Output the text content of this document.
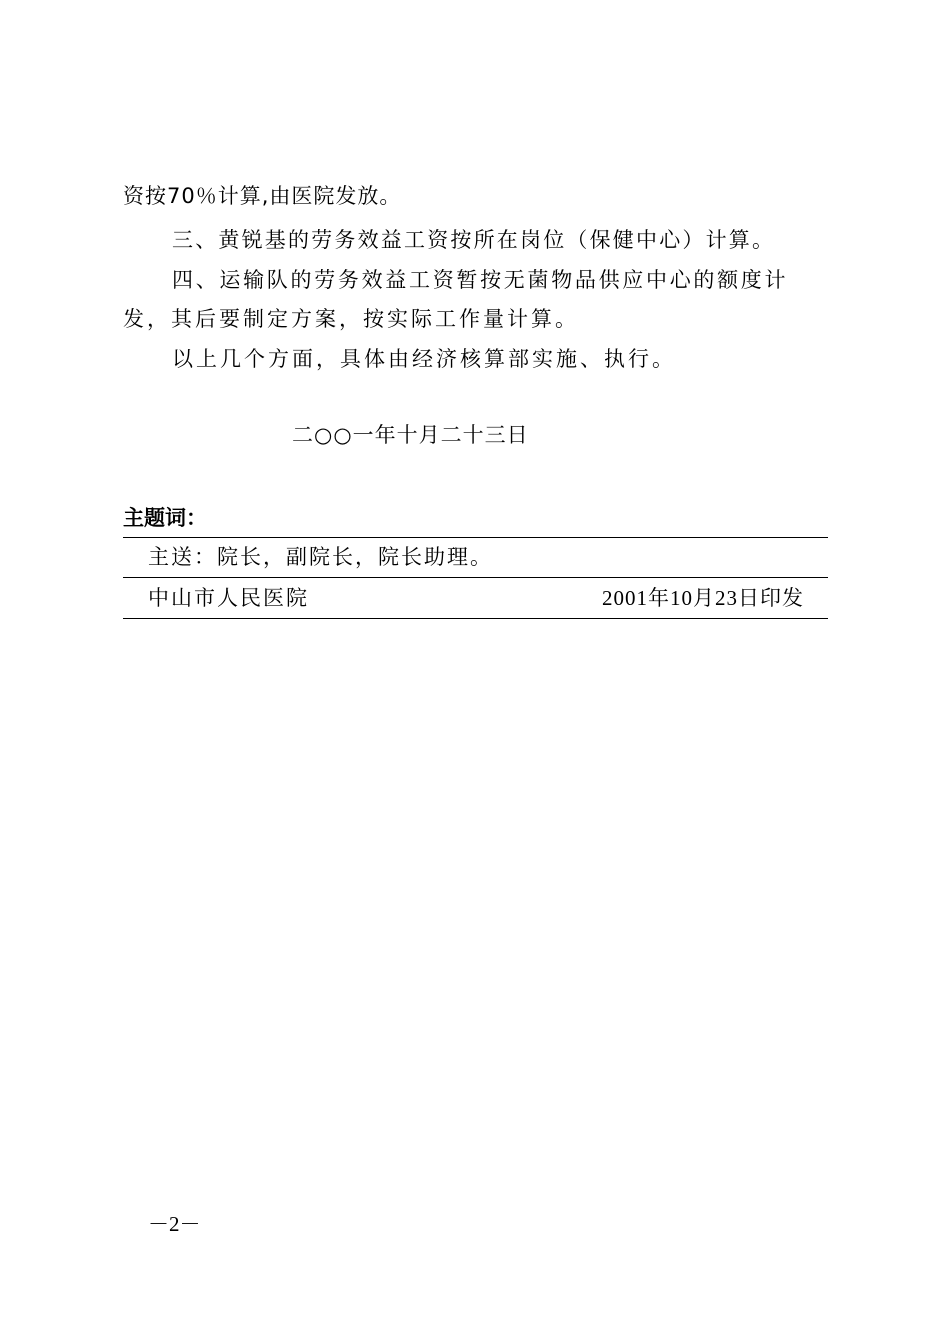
资按70％计算,由医院发放。
三、黄锐基的劳务效益工资按所在岗位（保健中心）计算。
四、运输队的劳务效益工资暂按无菌物品供应中心的额度计
发，其后要制定方案，按实际工作量计算。
以上几个方面，具体由经济核算部实施、执行。
二○○一年十月二十三日
主题词：
主送：院长，副院长，院长助理。
中山市人民医院	2001年10月23日印发
－2－
